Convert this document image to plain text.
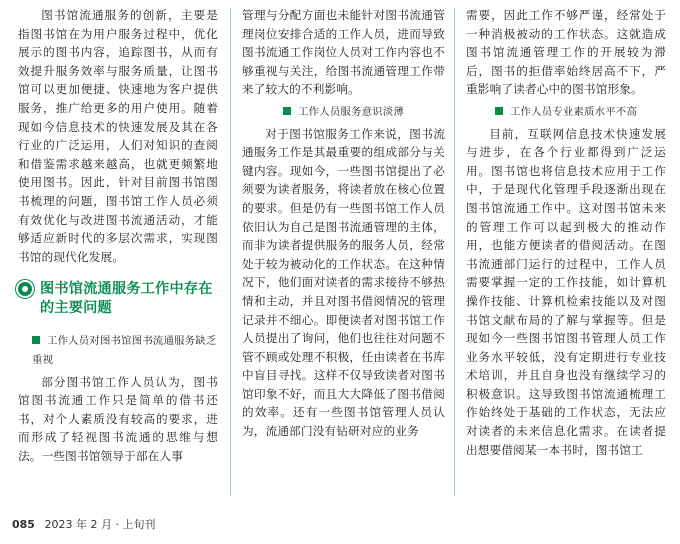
图书馆流通服务的创新，主要是指图书馆在为用户服务过程中，优化展示的图书内容，追踪图书，从而有效提升服务效率与服务质量，让图书馆可以更加便捷、快速地为客户提供服务，推广给更多的用户使用。随着现如今信息技术的快速发展及其在各行业的广泛运用，人们对知识的查阅和借鉴需求越来越高，也就更频繁地使用图书。因此，针对目前图书馆图书梳理的问题，图书馆工作人员必须有效优化与改进图书流通活动，才能够适应新时代的多层次需求，实现图书馆的现代化发展。

图书馆流通服务工作中存在的主要问题

工作人员对图书馆图书流通服务缺乏重视

部分图书馆工作人员认为，图书馆图书流通工作只是简单的借书还书，对个人素质没有较高的要求，进而形成了轻视图书流通的思维与想法。一些图书馆领导于部在人事

管理与分配方面也未能针对图书流通管理岗位安排合适的工作人员，进而导致图书流通工作岗位人员对工作内容也不够重视与关注，给图书流通管理工作带来了较大的不利影响。

工作人员服务意识淡薄

对于图书馆服务工作来说，图书流通服务工作是其最重要的组成部分与关键内容。现如今，一些图书馆提出了必须要为读者服务，将读者放在核心位置的要求。但是仍有一些图书馆工作人员依旧认为自己是图书流通管理的主体，而非为读者提供服务的服务人员，经常处于较为被动化的工作状态。在这种情况下，他们面对读者的需求接待不够热情和主动，并且对图书借阅情况的管理记录并不细心。即便读者对图书馆工作人员提出了询问，他们也往往对问题不管不顾或处理不积极，任由读者在书库中盲目寻找。这样不仅导致读者对图书馆印象不好，而且大大降低了图书借阅的效率。还有一些图书馆管理人员认为，流通部门没有钻研对应的业务

需要，因此工作不够严谨，经常处于一种消极被动的工作状态。这就造成图书馆流通管理工作的开展较为滞后，图书的拒借率始终居高不下，严重影响了读者心中的图书馆形象。

工作人员专业素质水平不高

目前，互联网信息技术快速发展与进步，在各个行业都得到广泛运用。图书馆也将信息技术应用于工作中，于是现代化管理手段逐渐出现在图书馆流通工作中。这对图书馆未来的管理工作可以起到极大的推动作用，也能方便读者的借阅活动。在图书流通部门运行的过程中，工作人员需要掌握一定的工作技能，如计算机操作技能、计算机检索技能以及对图书馆文献布局的了解与掌握等。但是现如今一些图书馆图书管理人员工作业务水平较低，没有定期进行专业技术培训，并且自身也没有继续学习的积极意识。这导致图书馆流通梳理工作始终处于基础的工作状态，无法应对读者的未来信息化需求。在读者提出想要借阅某一本书时，图书馆工

085 2023 年 2 月 · 上旬刊
